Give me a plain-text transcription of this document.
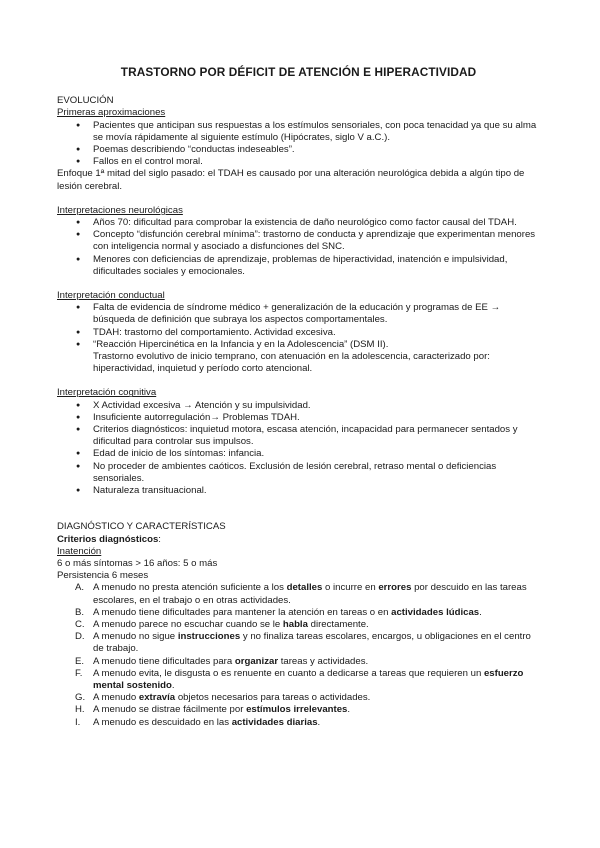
TRASTORNO POR DÉFICIT DE ATENCIÓN E HIPERACTIVIDAD

EVOLUCIÓN

Primeras aproximaciones

● Pacientes que anticipan sus respuestas a los estímulos sensoriales, con poca tenacidad ya que su alma se movía rápidamente al siguiente estímulo (Hipócrates, siglo V a.C.).
● Poemas describiendo “conductas indeseables”.
● Fallos en el control moral.

Enfoque 1ª mitad del siglo pasado: el TDAH es causado por una alteración neurológica debida a algún tipo de lesión cerebral.

Interpretaciones neurológicas

● Años 70: dificultad para comprobar la existencia de daño neurológico como factor causal del TDAH.
● Concepto “disfunción cerebral mínima”: trastorno de conducta y aprendizaje que experimentan menores con inteligencia normal y asociado a disfunciones del SNC.
● Menores con deficiencias de aprendizaje, problemas de hiperactividad, inatención e impulsividad, dificultades sociales y emocionales.

Interpretación conductual

● Falta de evidencia de síndrome médico + generalización de la educación y programas de EE → búsqueda de definición que subraya los aspectos comportamentales.
● TDAH: trastorno del comportamiento. Actividad excesiva.
● “Reacción Hipercinética en la Infancia y en la Adolescencia” (DSM II).
Trastorno evolutivo de inicio temprano, con atenuación en la adolescencia, caracterizado por: hiperactividad, inquietud y período corto atencional.

Interpretación cognitiva

● X Actividad excesiva → Atención y su impulsividad.
● Insuficiente autorregulación→ Problemas TDAH.
● Criterios diagnósticos: inquietud motora, escasa atención, incapacidad para permanecer sentados y dificultad para controlar sus impulsos.
● Edad de inicio de los síntomas: infancia.
● No proceder de ambientes caóticos. Exclusión de lesión cerebral, retraso mental o deficiencias sensoriales.
● Naturaleza transituacional.

DIAGNÓSTICO Y CARACTERÍSTICAS

Criterios diagnósticos:

Inatención

6 o más síntomas > 16 años: 5 o más

Persistencia 6 meses

A. A menudo no presta atención suficiente a los detalles o incurre en errores por descuido en las tareas escolares, en el trabajo o en otras actividades.
B. A menudo tiene dificultades para mantener la atención en tareas o en actividades lúdicas.
C. A menudo parece no escuchar cuando se le habla directamente.
D. A menudo no sigue instrucciones y no finaliza tareas escolares, encargos, u obligaciones en el centro de trabajo.
E. A menudo tiene dificultades para organizar tareas y actividades.
F. A menudo evita, le disgusta o es renuente en cuanto a dedicarse a tareas que requieren un esfuerzo mental sostenido.
G. A menudo extravía objetos necesarios para tareas o actividades.
H. A menudo se distrae fácilmente por estímulos irrelevantes.
I. A menudo es descuidado en las actividades diarias.
